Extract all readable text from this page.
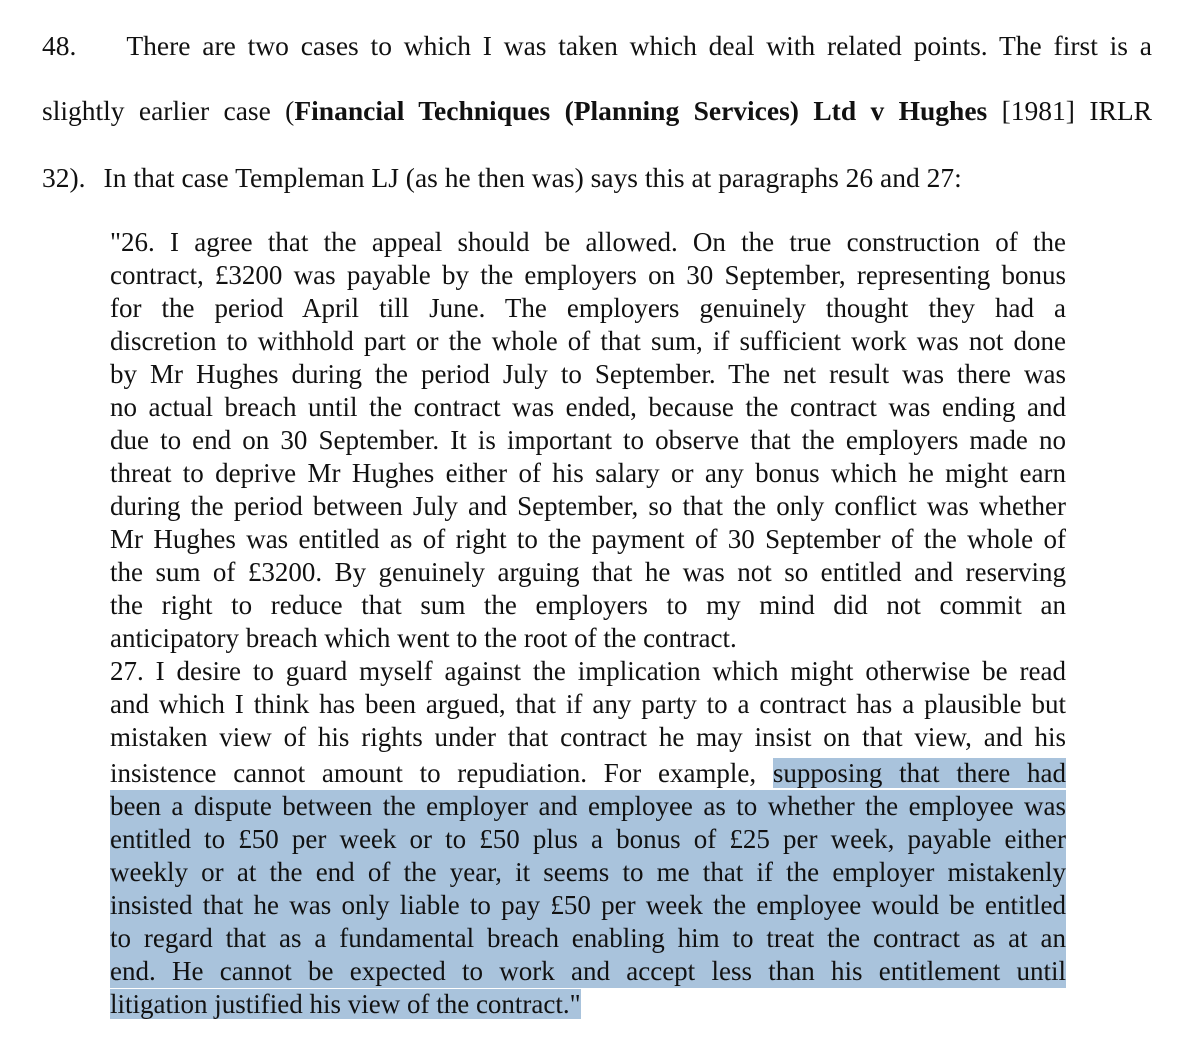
48. There are two cases to which I was taken which deal with related points. The first is a
slightly earlier case (Financial Techniques (Planning Services) Ltd v Hughes [1981] IRLR
32). In that case Templeman LJ (as he then was) says this at paragraphs 26 and 27:
"26. I agree that the appeal should be allowed. On the true construction of the
contract, £3200 was payable by the employers on 30 September, representing bonus
for the period April till June. The employers genuinely thought they had a
discretion to withhold part or the whole of that sum, if sufficient work was not done
by Mr Hughes during the period July to September. The net result was there was
no actual breach until the contract was ended, because the contract was ending and
due to end on 30 September. It is important to observe that the employers made no
threat to deprive Mr Hughes either of his salary or any bonus which he might earn
during the period between July and September, so that the only conflict was whether
Mr Hughes was entitled as of right to the payment of 30 September of the whole of
the sum of £3200. By genuinely arguing that he was not so entitled and reserving
the right to reduce that sum the employers to my mind did not commit an
anticipatory breach which went to the root of the contract.
27. I desire to guard myself against the implication which might otherwise be read
and which I think has been argued, that if any party to a contract has a plausible but
mistaken view of his rights under that contract he may insist on that view, and his
insistence cannot amount to repudiation. For example, supposing that there had
been a dispute between the employer and employee as to whether the employee was
entitled to £50 per week or to £50 plus a bonus of £25 per week, payable either
weekly or at the end of the year, it seems to me that if the employer mistakenly
insisted that he was only liable to pay £50 per week the employee would be entitled
to regard that as a fundamental breach enabling him to treat the contract as at an
end. He cannot be expected to work and accept less than his entitlement until
litigation justified his view of the contract."
